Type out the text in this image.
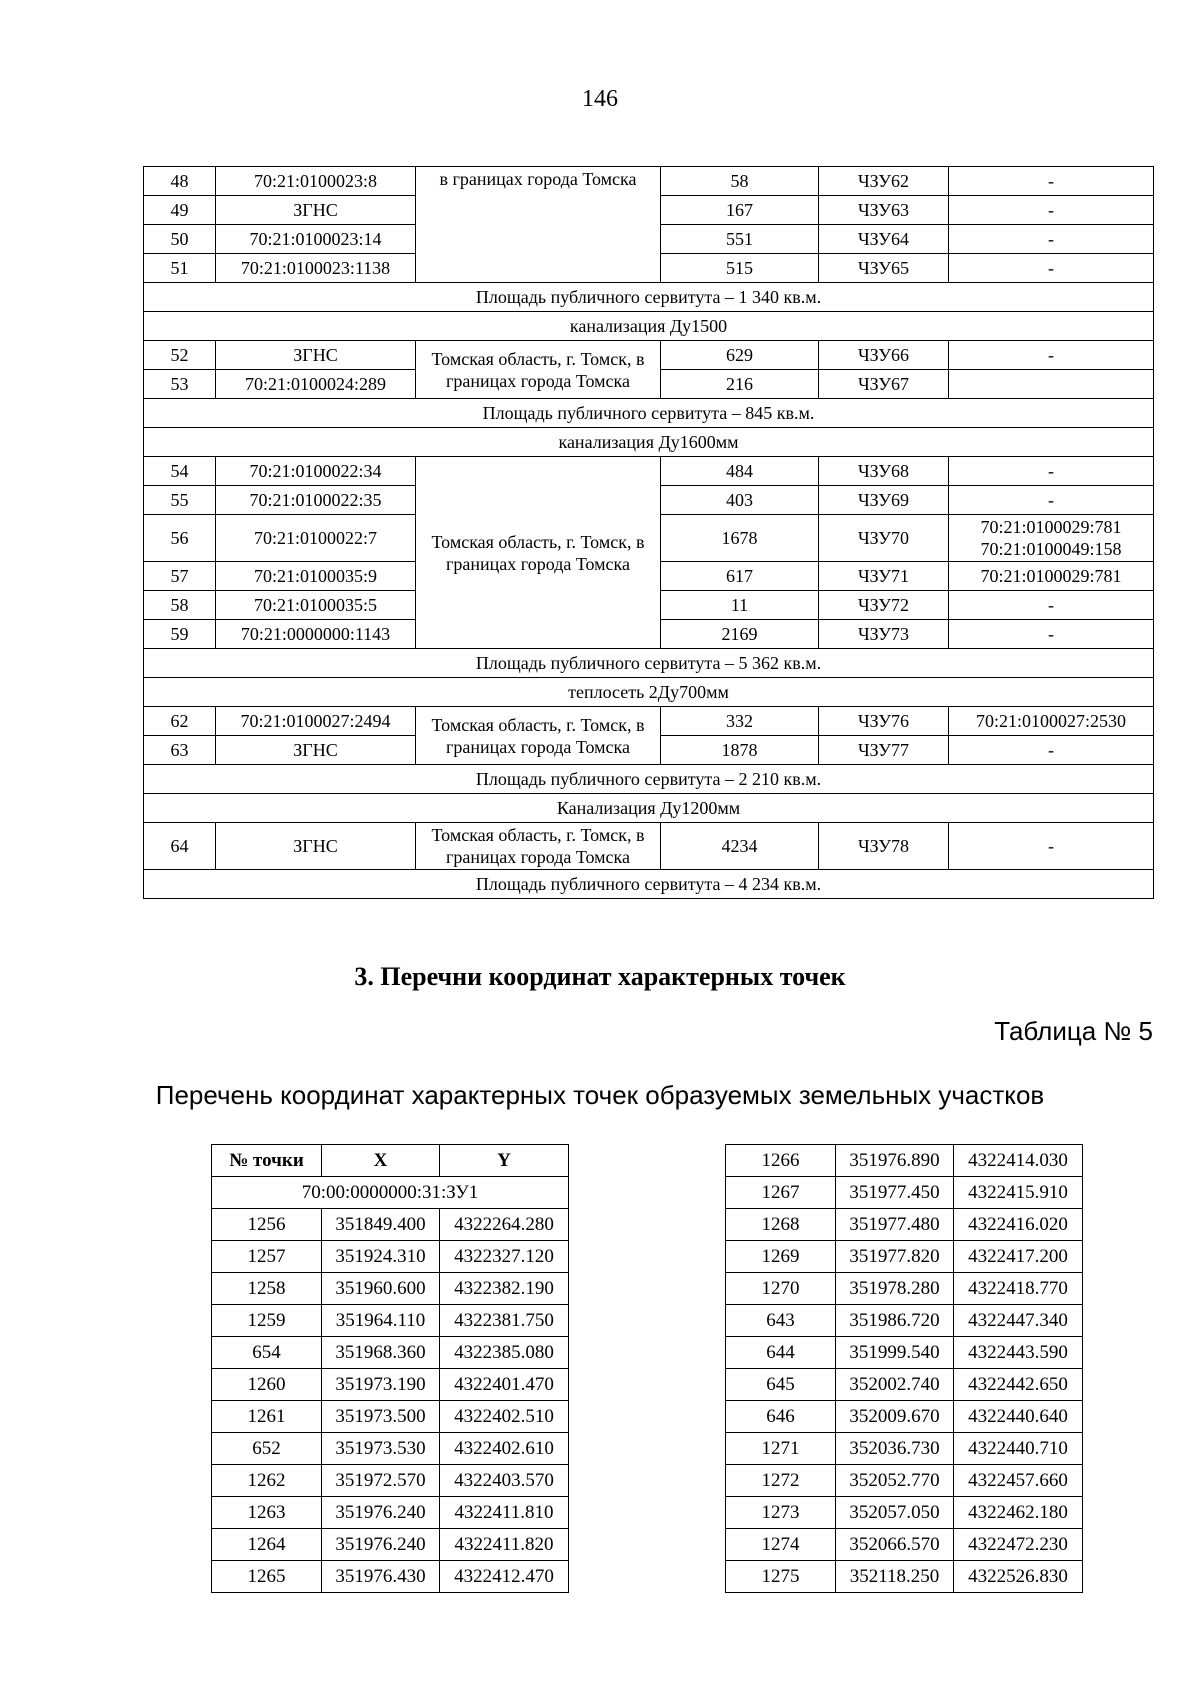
146
48	70:21:0100023:8	в границах города Томска	58	ЧЗУ62	-

49	ЗГНС		167	ЧЗУ63	-

50	70:21:0100023:14		551	ЧЗУ64	-

51	70:21:0100023:1138		515	ЧЗУ65	-

Площадь публичного сервитута – 1 340 кв.м.					
канализация Ду1500					
52	ЗГНС	Томская область, г. Томск, в границах города Томска	629	ЧЗУ66	-

53	70:21:0100024:289		216	ЧЗУ67	

Площадь публичного сервитута – 845 кв.м.					
канализация Ду1600мм					
54	70:21:0100022:34	Томская область, г. Томск, в границах города Томска	484	ЧЗУ68	-

55	70:21:0100022:35		403	ЧЗУ69	-

56	70:21:0100022:7		1678	ЧЗУ70	70:21:0100029:781
70:21:0100049:158

57	70:21:0100035:9		617	ЧЗУ71	70:21:0100029:781

58	70:21:0100035:5		11	ЧЗУ72	-

59	70:21:0000000:1143		2169	ЧЗУ73	-

Площадь публичного сервитута – 5 362 кв.м.					
теплосеть 2Ду700мм					
62	70:21:0100027:2494	Томская область, г. Томск, в границах города Томска	332	ЧЗУ76	70:21:0100027:2530

63	ЗГНС		1878	ЧЗУ77	-

Площадь публичного сервитута – 2 210 кв.м.					
Канализация Ду1200мм					
64	ЗГНС	Томская область, г. Томск, в границах города Томска	4234	ЧЗУ78	-

Площадь публичного сервитута – 4 234 кв.м.					
3. Перечни координат характерных точек
Таблица № 5
Перечень координат характерных точек образуемых земельных участков
№ точки	X	Y
70:00:0000000:31:ЗУ1		
1256	351849.400	4322264.280
1257	351924.310	4322327.120
1258	351960.600	4322382.190
1259	351964.110	4322381.750
654	351968.360	4322385.080
1260	351973.190	4322401.470
1261	351973.500	4322402.510
652	351973.530	4322402.610
1262	351972.570	4322403.570
1263	351976.240	4322411.810
1264	351976.240	4322411.820
1265	351976.430	4322412.470
1266	351976.890	4322414.030
1267	351977.450	4322415.910
1268	351977.480	4322416.020
1269	351977.820	4322417.200
1270	351978.280	4322418.770
643	351986.720	4322447.340
644	351999.540	4322443.590
645	352002.740	4322442.650
646	352009.670	4322440.640
1271	352036.730	4322440.710
1272	352052.770	4322457.660
1273	352057.050	4322462.180
1274	352066.570	4322472.230
1275	352118.250	4322526.830
